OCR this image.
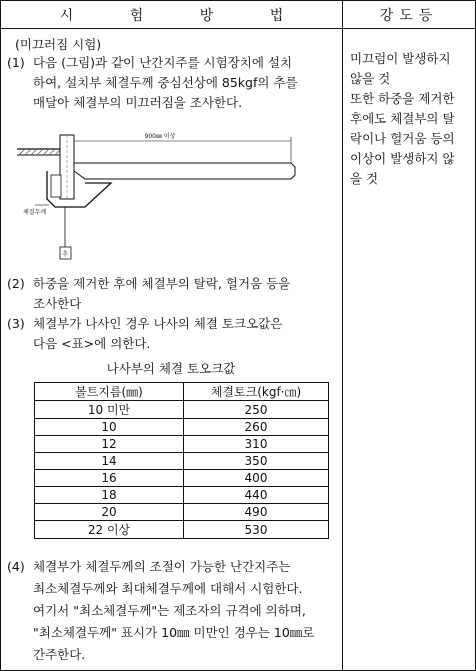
시 험 방 법	강도등
(미끄러짐 시험)
(1) 다음 (그림)과 같이 난간지주를 시험장치에 설치
하여, 설치부 체결두께 중심선상에 85kgf의 추를
매달아 체결부의 미끄러짐을 조사한다.
900㎜ 이상
체결두께
추
(2) 하중을 제거한 후에 체결부의 탈락, 헐거움 등을
조사한다
(3) 체결부가 나사인 경우 나사의 체결 토크오값은
다음 <표>에 의한다.
나사부의 체결 토오크값
볼트지름(㎜)	체결토크(kgf·㎝)
10 미만	250
10	260
12	310
14	350
16	400
18	440
20	490
22 이상	530
(4) 체결부가 체결두께의 조절이 가능한 난간지주는
최소체결두께와 최대체결두께에 대해서 시험한다.
여기서 "최소체결두께"는 제조자의 규격에 의하며,
"최소체결두께" 표시가 10㎜ 미만인 경우는 10㎜로
간주한다.
미끄럼이 발생하지
않을 것
또한 하중을 제거한
후에도 체결부의 탈
락이나 헐거움 등의
이상이 발생하지 않
을 것
